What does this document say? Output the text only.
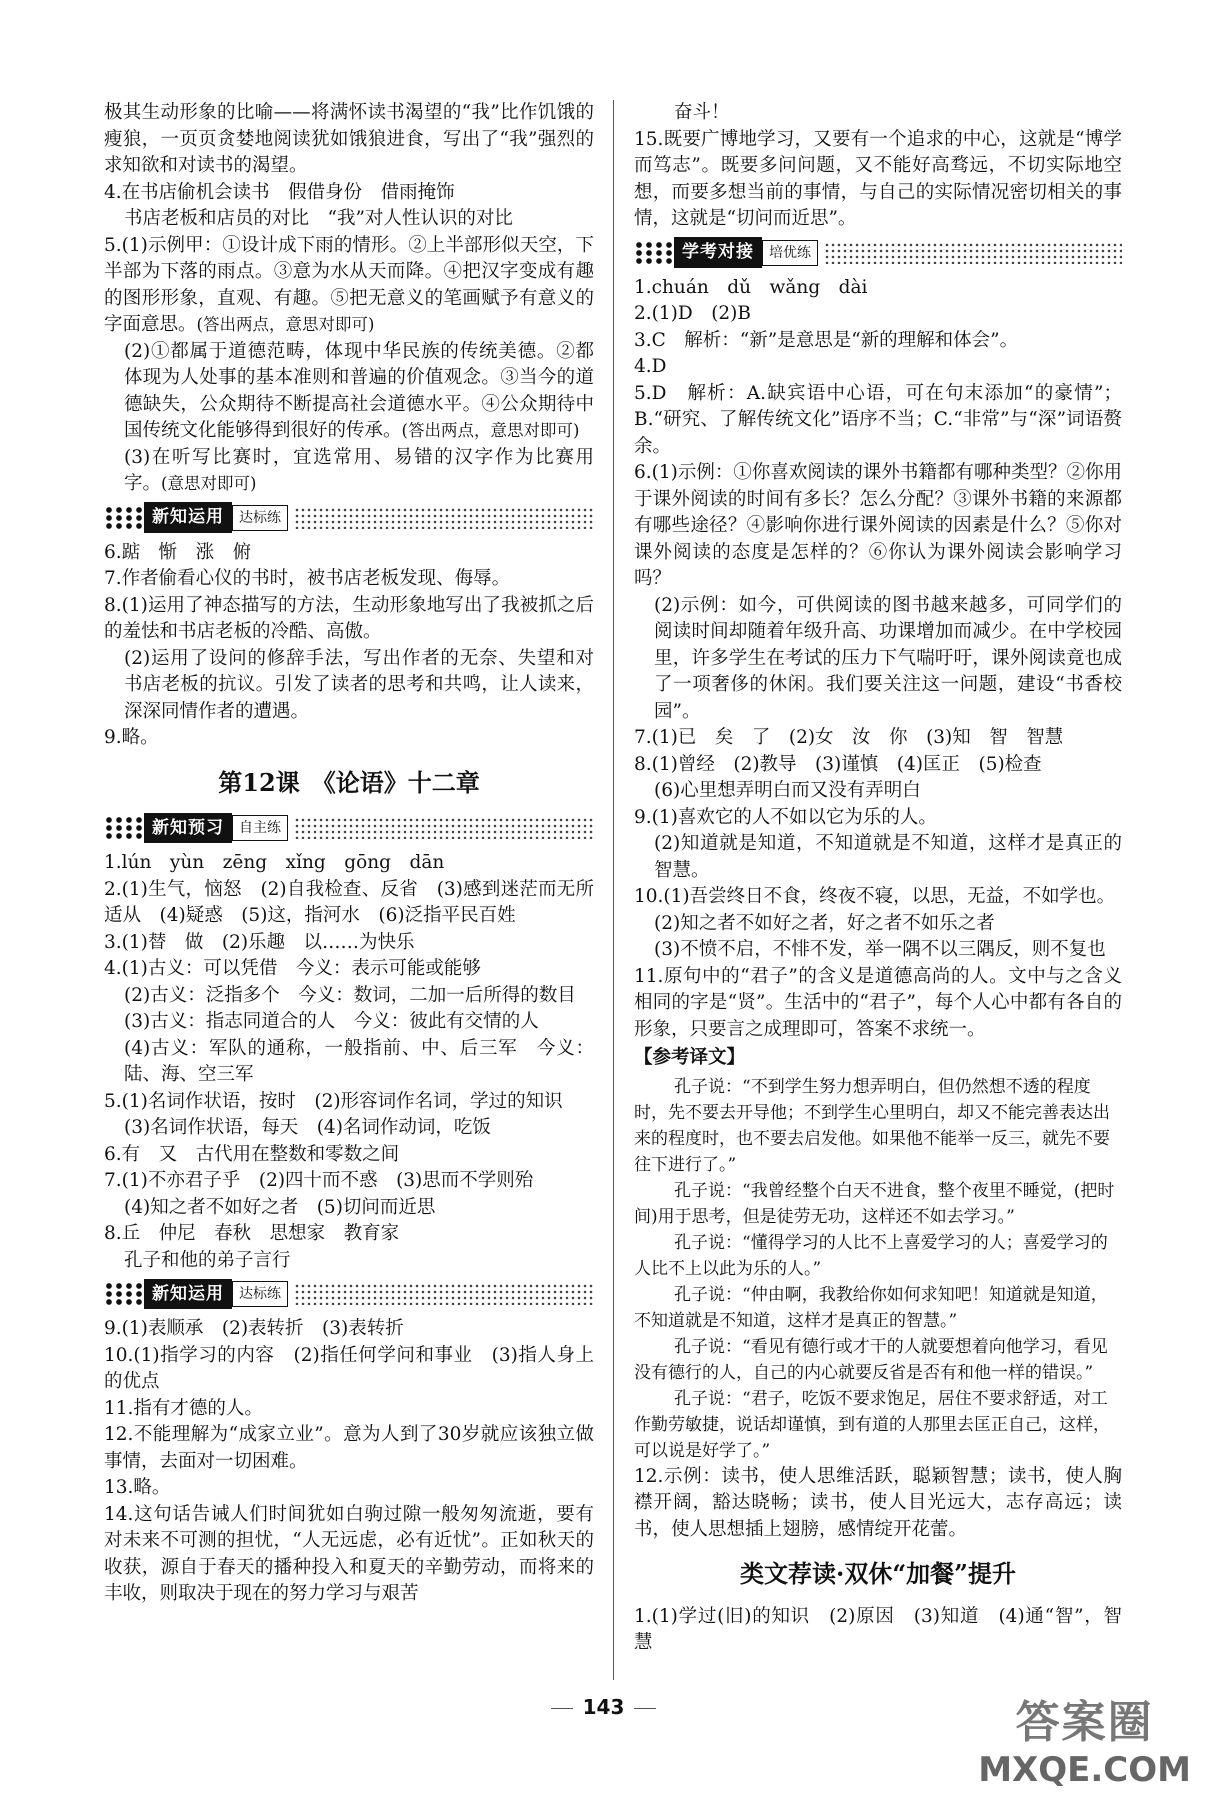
极其生动形象的比喻——将满怀读书渴望的“我”比作饥饿的瘦狼，一页页贪婪地阅读犹如饿狼进食，写出了“我”强烈的求知欲和对读书的渴望。

4.在书店偷机会读书　假借身份　借雨掩饰

书店老板和店员的对比　“我”对人性认识的对比

5.(1)示例甲：①设计成下雨的情形。②上半部形似天空，下半部为下落的雨点。③意为水从天而降。④把汉字变成有趣的图形形象，直观、有趣。⑤把无意义的笔画赋予有意义的字面意思。(答出两点，意思对即可)

(2)①都属于道德范畴，体现中华民族的传统美德。②都体现为人处事的基本准则和普遍的价值观念。③当今的道德缺失，公众期待不断提高社会道德水平。④公众期待中国传统文化能够得到很好的传承。(答出两点，意思对即可)

(3)在听写比赛时，宜选常用、易错的汉字作为比赛用字。(意思对即可)

新知运用	达标练

6.踮　惭　涨　俯

7.作者偷看心仪的书时，被书店老板发现、侮辱。

8.(1)运用了神态描写的方法，生动形象地写出了我被抓之后的羞怯和书店老板的冷酷、高傲。

(2)运用了设问的修辞手法，写出作者的无奈、失望和对书店老板的抗议。引发了读者的思考和共鸣，让人读来，深深同情作者的遭遇。

9.略。

第12课　《论语》十二章
新知预习	自主练

1.lún　yùn　zēng　xǐng　gōng　dān

2.(1)生气，恼怒　(2)自我检查、反省　(3)感到迷茫而无所适从　(4)疑惑　(5)这，指河水　(6)泛指平民百姓

3.(1)替　做　(2)乐趣　以……为快乐

4.(1)古义：可以凭借　今义：表示可能或能够

(2)古义：泛指多个　今义：数词，二加一后所得的数目

(3)古义：指志同道合的人　今义：彼此有交情的人

(4)古义：军队的通称，一般指前、中、后三军　今义：陆、海、空三军

5.(1)名词作状语，按时　(2)形容词作名词，学过的知识

(3)名词作状语，每天　(4)名词作动词，吃饭

6.有　又　古代用在整数和零数之间

7.(1)不亦君子乎　(2)四十而不惑　(3)思而不学则殆

(4)知之者不如好之者　(5)切问而近思

8.丘　仲尼　春秋　思想家　教育家

孔子和他的弟子言行

新知运用	达标练

9.(1)表顺承　(2)表转折　(3)表转折

10.(1)指学习的内容　(2)指任何学问和事业　(3)指人身上的优点

11.指有才德的人。

12.不能理解为“成家立业”。意为人到了30岁就应该独立做事情，去面对一切困难。

13.略。

14.这句话告诫人们时间犹如白驹过隙一般匆匆流逝，要有对未来不可测的担忧，“人无远虑，必有近忧”。正如秋天的收获，源自于春天的播种投入和夏天的辛勤劳动，而将来的丰收，则取决于现在的努力学习与艰苦

奋斗！

15.既要广博地学习，又要有一个追求的中心，这就是“博学而笃志”。既要多问问题，又不能好高骛远，不切实际地空想，而要多想当前的事情，与自己的实际情况密切相关的事情，这就是“切问而近思”。

学考对接	培优练

1.chuán　dǔ　wǎng　dài

2.(1)D　(2)B

3.C　解析：“新”是意思是“新的理解和体会”。

4.D

5.D　解析：A.缺宾语中心语，可在句末添加“的豪情”；B.“研究、了解传统文化”语序不当；C.“非常”与“深”词语赘余。

6.(1)示例：①你喜欢阅读的课外书籍都有哪种类型？②你用于课外阅读的时间有多长？怎么分配？③课外书籍的来源都有哪些途径？④影响你进行课外阅读的因素是什么？⑤你对课外阅读的态度是怎样的？⑥你认为课外阅读会影响学习吗？

(2)示例：如今，可供阅读的图书越来越多，可同学们的阅读时间却随着年级升高、功课增加而减少。在中学校园里，许多学生在考试的压力下气喘吁吁，课外阅读竟也成了一项奢侈的休闲。我们要关注这一问题，建设“书香校园”。

7.(1)已　矣　了　(2)女　汝　你　(3)知　智　智慧

8.(1)曾经　(2)教导　(3)谨慎　(4)匡正　(5)检查

(6)心里想弄明白而又没有弄明白

9.(1)喜欢它的人不如以它为乐的人。

(2)知道就是知道，不知道就是不知道，这样才是真正的智慧。

10.(1)吾尝终日不食，终夜不寝，以思，无益，不如学也。

(2)知之者不如好之者，好之者不如乐之者

(3)不愤不启，不悱不发，举一隅不以三隅反，则不复也

11.原句中的“君子”的含义是道德高尚的人。文中与之含义相同的字是“贤”。生活中的“君子”，每个人心中都有各自的形象，只要言之成理即可，答案不求统一。

【参考译文】

孔子说：“不到学生努力想弄明白，但仍然想不透的程度时，先不要去开导他；不到学生心里明白，却又不能完善表达出来的程度时，也不要去启发他。如果他不能举一反三，就先不要往下进行了。”

孔子说：“我曾经整个白天不进食，整个夜里不睡觉，(把时间)用于思考，但是徒劳无功，这样还不如去学习。”

孔子说：“懂得学习的人比不上喜爱学习的人；喜爱学习的人比不上以此为乐的人。”

孔子说：“仲由啊，我教给你如何求知吧！知道就是知道，不知道就是不知道，这样才是真正的智慧。”

孔子说：“看见有德行或才干的人就要想着向他学习，看见没有德行的人，自己的内心就要反省是否有和他一样的错误。”

孔子说：“君子，吃饭不要求饱足，居住不要求舒适，对工作勤劳敏捷，说话却谨慎，到有道的人那里去匡正自己，这样，可以说是好学了。”

12.示例：读书，使人思维活跃，聪颖智慧；读书，使人胸襟开阔，豁达晓畅；读书，使人目光远大，志存高远；读书，使人思想插上翅膀，感情绽开花蕾。

类文荐读·双休“加餐”提升

1.(1)学过(旧)的知识　(2)原因　(3)知道　(4)通“智”，智慧

143	答案圈
MXQE.COM
